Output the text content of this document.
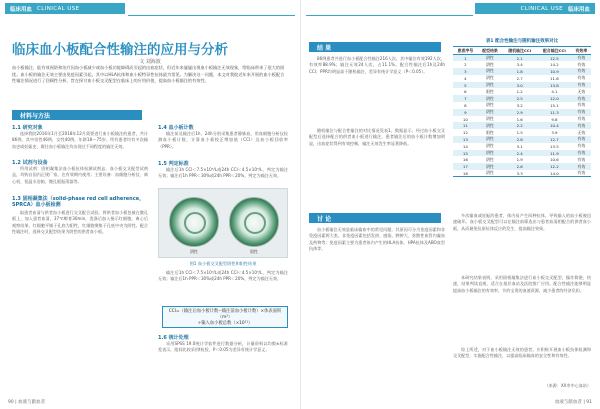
临床用血 CLINICAL USE
临床血小板配合性输注的应用与分析
文 刘海波
血小板输注，能有效预防和治疗因血小板减少或血小板功能障碍而引起的出血症状，但近年来屡屡出现血小板输注无效现象，给临床带来了很大的困扰。血小板的输注无效主要由免疫因素引起，其中以HLA抗体和血小板特异性抗体最为常见。为解决这一问题，本文对我院近年来开展的血小板配合性输注情况进行了回顾性分析，旨在探讨血小板交叉配型在临床上的应用价值，提高血小板输注的有效性。
材料与方法
1.1 研究对象

选择我院2016年1月至2018年12月需要进行血小板输注的患者，共计86例，其中男性46例，女性40例，年龄18～75岁。所有患者均有多次输血史或妊娠史，既往血小板输注均出现过不同程度的输注无效。

1.2 试剂与设备

所用试剂：固相凝集法血小板抗体检测试剂盒、血小板交叉配型试剂盒，均购自国内正规厂家，在有效期内使用；主要设备：血细胞分析仪、离心机、恒温水浴箱、微孔板振荡器等。

1.3 固相凝集法（solid-phase red cell adherence，SPRCA）血小板检测

取患者血清与供者血小板进行交叉配合试验。将供者血小板包被在微孔板上，加入患者血清，37℃孵育30min，洗涤后加入指示红细胞，离心后观察结果。红细胞平铺于孔底为阳性，红细胞聚集于孔底中央为阴性。配合性输注时，选择交叉配型结果为阴性的供者血小板。

1.4 血小板计数

输注前及输注后1h、24h分别采集患者静脉血，用血细胞分析仪检测血小板计数，计算血小板校正增加值（CCI）及血小板回收率（PPR）。

1.5 判定标准

输注后1h CCI＜7.5×10⁹/L或24h CCI＜4.5×10⁹/L，判定为输注无效；输注后1h PPR＜30%或24h PPR＜20%，判定为输注无效。

阴性	阳性
图1 血小板交叉配型阴性和阳性结果

输注后1h CCI＜7.5×10⁹/L或24h CCI＜4.5×10⁹/L，判定为输注无效；输注后1h PPR＜30%或24h PPR＜20%，判定为输注无效。

CCI=（输注后血小板计数−输注前血小板计数）×体表面积（m²）
÷输入血小板总数（×10¹¹）
1.6 统计处理

采用SPSS 19.0统计学软件进行数据分析，计量资料以均数±标准差表示，组间比较采用t检验，P＜0.05为差异有统计学意义。

90 | 血液与献血者
CLINICAL USE 临床用血
结 果

86例患者共进行血小板配合性输注216人次，其中输注有效192人次，有效率88.9%；输注无效24人次，占11.1%。配合性输注后1h及24h CCI、PPR均明显高于随机输注，差异有统计学意义（P＜0.05）。

随机输注与配合性输注的对比情况见表1。数据显示，经过血小板交叉配型后选择配合的供者血小板进行输注，患者输注后的血小板计数增加明显，出血症状得到有效控制，输注无效发生率显著降低。

讨 论

血小板输注无效是临床输血中的常见问题，其原因可分为免疫因素和非免疫因素两大类。非免疫因素包括发热、感染、脾肿大、弥散性血管内凝血及药物等；免疫因素主要为患者体内产生的HLA抗体、HPA抗体及ABO血型抗体等。

表1 配合性输注与随机输注效果对比
患者序号	配型结果	随机输注CCI	配合输注CCI	有效率
1	阴性	2.1	12.5	有效
2	阴性	3.4	14.2	有效
3	阴性	1.8	10.9	有效
4	阴性	2.7	11.6	有效
5	阴性	3.0	13.8	有效
6	阳性	1.2	4.1	无效
7	阴性	2.5	12.0	有效
8	阴性	3.2	15.1	有效
9	阴性	2.9	11.3	有效
10	阴性	1.6	9.8	有效
11	阴性	2.2	10.4	有效
12	阳性	1.5	3.9	无效
13	阴性	2.8	12.7	有效
14	阴性	3.1	13.5	有效
15	阴性	2.4	11.9	有效
16	阴性	1.9	10.6	有效
17	阴性	2.6	12.2	有效
18	阴性	3.3	14.0	有效

多次输血或妊娠的患者，体内易产生同种抗体，导致输入的血小板被迅速破坏。血小板交叉配型可以在输注前筛选出与患者血清相配合的供者血小板，从而避免抗原抗体反应的发生，提高输注效果。

本研究结果表明，采用固相凝集法进行血小板交叉配型，操作简便、快速，结果判读直观，适合在基层血站及医院推广应用。配合性输注能够明显提高血小板输注的有效率，节约宝贵的血液资源，减少患者的经济负担。

综上所述，对于血小板输注无效的患者，应积极开展血小板抗体检测和交叉配型，实施配合性输注，以提高临床输血的安全性和有效性。

（来源：XX市中心血站）
血液与献血者 | 91
